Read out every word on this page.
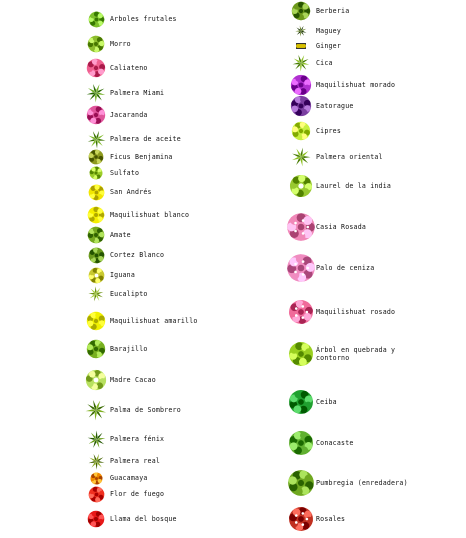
Arboles frutales
Morro
Caliateno
Palmera Miami
Jacaranda
Palmera de aceite
Ficus Benjamina
Sulfato
San Andrés
Maquilishuat blanco
Amate
Cortez Blanco
Iguana
Eucalipto
Maquilishuat amarillo
Barajillo
Madre Cacao
Palma de Sombrero
Palmera fénix
Palmera real
Guacamaya
Flor de fuego
Llama del bosque
Berberia
Maguey
Ginger
Cica
Maquilishuat morado
Eatorague
Cipres
Palmera oriental
Laurel de la india
Casia Rosada
Palo de ceniza
Maquilishuat rosado
Árbol en quebrada y contorno
Ceiba
Conacaste
Pumbregia (enredadera)
Rosales
